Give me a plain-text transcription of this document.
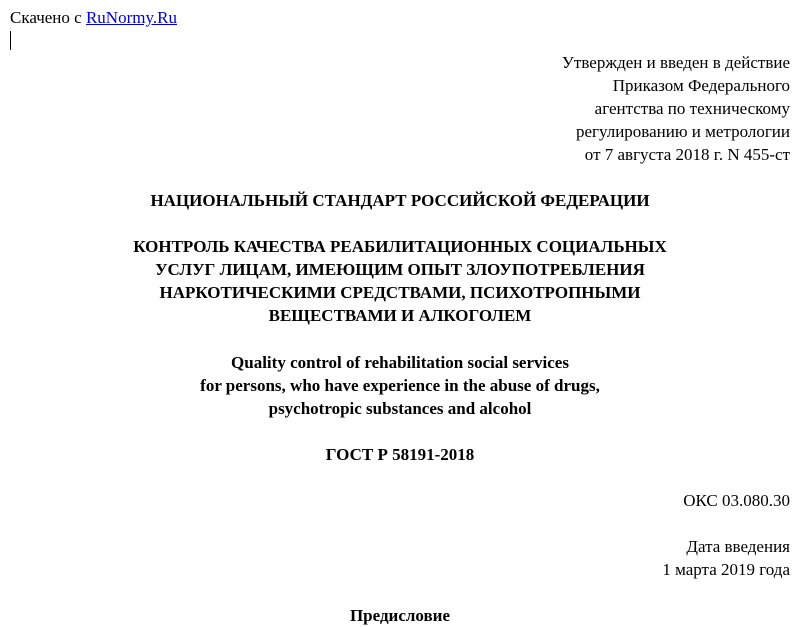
Скачено с RuNormy.Ru
Утвержден и введен в действие
Приказом Федерального
агентства по техническому
регулированию и метрологии
от 7 августа 2018 г. N 455-ст
НАЦИОНАЛЬНЫЙ СТАНДАРТ РОССИЙСКОЙ ФЕДЕРАЦИИ
КОНТРОЛЬ КАЧЕСТВА РЕАБИЛИТАЦИОННЫХ СОЦИАЛЬНЫХ
УСЛУГ ЛИЦАМ, ИМЕЮЩИМ ОПЫТ ЗЛОУПОТРЕБЛЕНИЯ
НАРКОТИЧЕСКИМИ СРЕДСТВАМИ, ПСИХОТРОПНЫМИ
ВЕЩЕСТВАМИ И АЛКОГОЛЕМ
Quality control of rehabilitation social services
for persons, who have experience in the abuse of drugs,
psychotropic substances and alcohol
ГОСТ Р 58191-2018
ОКС 03.080.30
Дата введения
1 марта 2019 года
Предисловие
